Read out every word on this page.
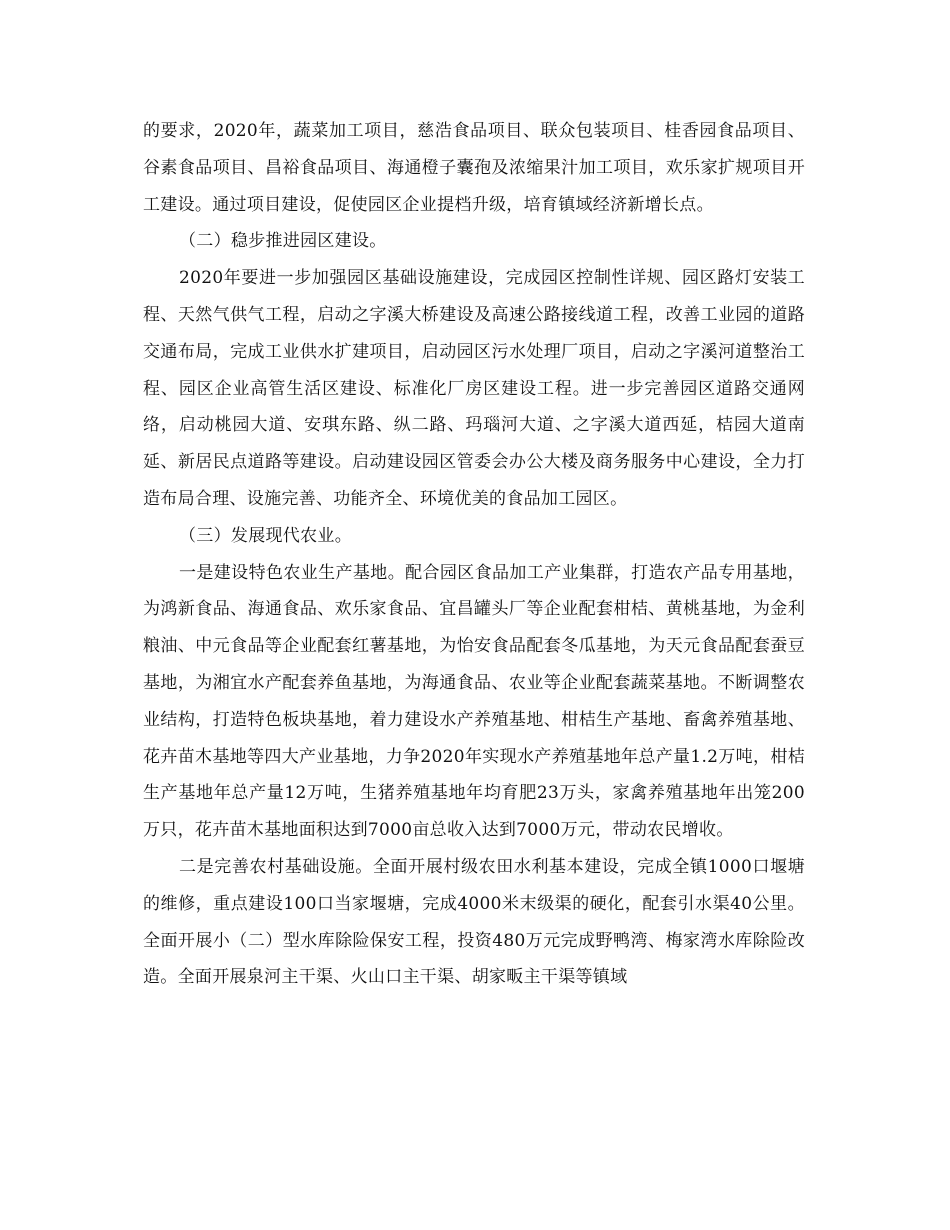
的要求，2020年，蔬菜加工项目，慈浩食品项目、联众包装项目、桂香园食品项目、谷素食品项目、昌裕食品项目、海通橙子囊孢及浓缩果汁加工项目，欢乐家扩规项目开工建设。通过项目建设，促使园区企业提档升级，培育镇域经济新增长点。

（二）稳步推进园区建设。

2020年要进一步加强园区基础设施建设，完成园区控制性详规、园区路灯安装工程、天然气供气工程，启动之字溪大桥建设及高速公路接线道工程，改善工业园的道路交通布局，完成工业供水扩建项目，启动园区污水处理厂项目，启动之字溪河道整治工程、园区企业高管生活区建设、标准化厂房区建设工程。进一步完善园区道路交通网络，启动桃园大道、安琪东路、纵二路、玛瑙河大道、之字溪大道西延，桔园大道南延、新居民点道路等建设。启动建设园区管委会办公大楼及商务服务中心建设，全力打造布局合理、设施完善、功能齐全、环境优美的食品加工园区。

（三）发展现代农业。

一是建设特色农业生产基地。配合园区食品加工产业集群，打造农产品专用基地，为鸿新食品、海通食品、欢乐家食品、宜昌罐头厂等企业配套柑桔、黄桃基地，为金利粮油、中元食品等企业配套红薯基地，为怡安食品配套冬瓜基地，为天元食品配套蚕豆基地，为湘宜水产配套养鱼基地，为海通食品、农业等企业配套蔬菜基地。不断调整农业结构，打造特色板块基地，着力建设水产养殖基地、柑桔生产基地、畜禽养殖基地、花卉苗木基地等四大产业基地，力争2020年实现水产养殖基地年总产量1.2万吨，柑桔生产基地年总产量12万吨，生猪养殖基地年均育肥23万头，家禽养殖基地年出笼200万只，花卉苗木基地面积达到7000亩总收入达到7000万元，带动农民增收。

二是完善农村基础设施。全面开展村级农田水利基本建设，完成全镇1000口堰塘的维修，重点建设100口当家堰塘，完成4000米末级渠的硬化，配套引水渠40公里。全面开展小（二）型水库除险保安工程，投资480万元完成野鸭湾、梅家湾水库除险改造。全面开展泉河主干渠、火山口主干渠、胡家畈主干渠等镇域
